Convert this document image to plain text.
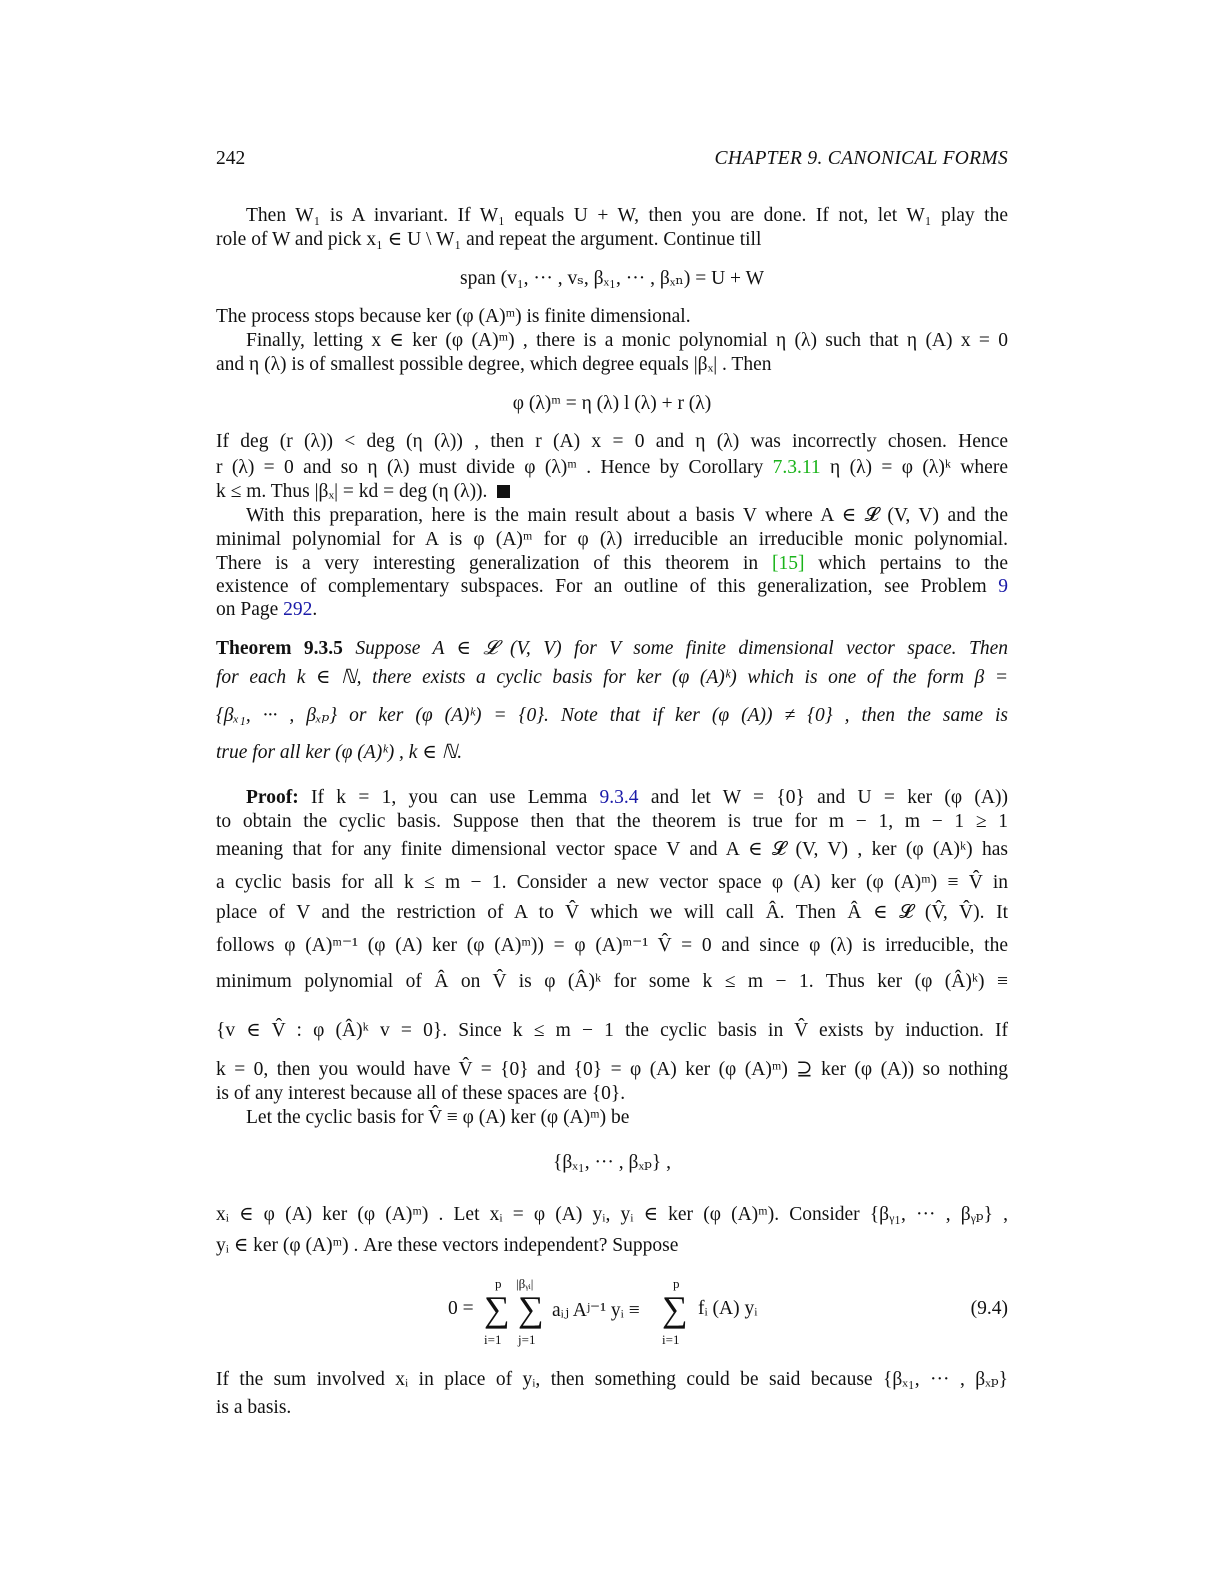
242	CHAPTER 9. CANONICAL FORMS
Then W₁ is A invariant. If W₁ equals U + W, then you are done. If not, let W₁ play the
role of W and pick x₁ ∈ U \ W₁ and repeat the argument. Continue till
span (v₁, ··· , vₛ, βₓ₁, ··· , βₓₙ) = U + W
The process stops because ker (φ (A)ᵐ) is finite dimensional.
Finally, letting x ∈ ker (φ (A)ᵐ) , there is a monic polynomial η (λ) such that η (A) x = 0
and η (λ) is of smallest possible degree, which degree equals |βₓ| . Then
φ (λ)ᵐ = η (λ) l (λ) + r (λ)
If deg (r (λ)) < deg (η (λ)) , then r (A) x = 0 and η (λ) was incorrectly chosen. Hence
r (λ) = 0 and so η (λ) must divide φ (λ)ᵐ . Hence by Corollary 7.3.11 η (λ) = φ (λ)ᵏ where
k ≤ m. Thus |βₓ| = kd = deg (η (λ)).
With this preparation, here is the main result about a basis V where A ∈ 𝓛 (V, V) and the
minimal polynomial for A is φ (A)ᵐ for φ (λ) irreducible an irreducible monic polynomial.
There is a very interesting generalization of this theorem in [15] which pertains to the
existence of complementary subspaces. For an outline of this generalization, see Problem 9
on Page 292.
Theorem 9.3.5 Suppose A ∈ 𝓛 (V, V) for V some finite dimensional vector space. Then
for each k ∈ ℕ, there exists a cyclic basis for ker (φ (A)ᵏ) which is one of the form β =
{βₓ₁, ··· , βₓₚ} or ker (φ (A)ᵏ) = {0}. Note that if ker (φ (A)) ≠ {0} , then the same is
true for all ker (φ (A)ᵏ) , k ∈ ℕ.
Proof: If k = 1, you can use Lemma 9.3.4 and let W = {0} and U = ker (φ (A))
to obtain the cyclic basis. Suppose then that the theorem is true for m − 1, m − 1 ≥ 1
meaning that for any finite dimensional vector space V and A ∈ 𝓛 (V, V) , ker (φ (A)ᵏ) has
a cyclic basis for all k ≤ m − 1. Consider a new vector space φ (A) ker (φ (A)ᵐ) ≡ V̂ in
place of V and the restriction of A to V̂ which we will call Â. Then Â ∈ 𝓛 (V̂, V̂). It
follows φ (A)ᵐ⁻¹ (φ (A) ker (φ (A)ᵐ)) = φ (A)ᵐ⁻¹ V̂ = 0 and since φ (λ) is irreducible, the
minimum polynomial of Â on V̂ is φ (Â)ᵏ for some k ≤ m − 1. Thus ker (φ (Â)ᵏ) ≡
{v ∈ V̂ : φ (Â)ᵏ v = 0}. Since k ≤ m − 1 the cyclic basis in V̂ exists by induction. If
k = 0, then you would have V̂ = {0} and {0} = φ (A) ker (φ (A)ᵐ) ⊇ ker (φ (A)) so nothing
is of any interest because all of these spaces are {0}.
Let the cyclic basis for V̂ ≡ φ (A) ker (φ (A)ᵐ) be
{βₓ₁, ··· , βₓₚ} ,
xᵢ ∈ φ (A) ker (φ (A)ᵐ) . Let xᵢ = φ (A) yᵢ, yᵢ ∈ ker (φ (A)ᵐ). Consider {βᵧ₁, ··· , βᵧₚ} ,
yᵢ ∈ ker (φ (A)ᵐ) . Are these vectors independent? Suppose
0 =
p
∑
i=1
|βᵧᵢ|
∑
j=1
aᵢⱼ Aʲ⁻¹ yᵢ ≡
p
∑
i=1
fᵢ (A) yᵢ	(9.4)
If the sum involved xᵢ in place of yᵢ, then something could be said because {βₓ₁, ··· , βₓₚ}
is a basis.
